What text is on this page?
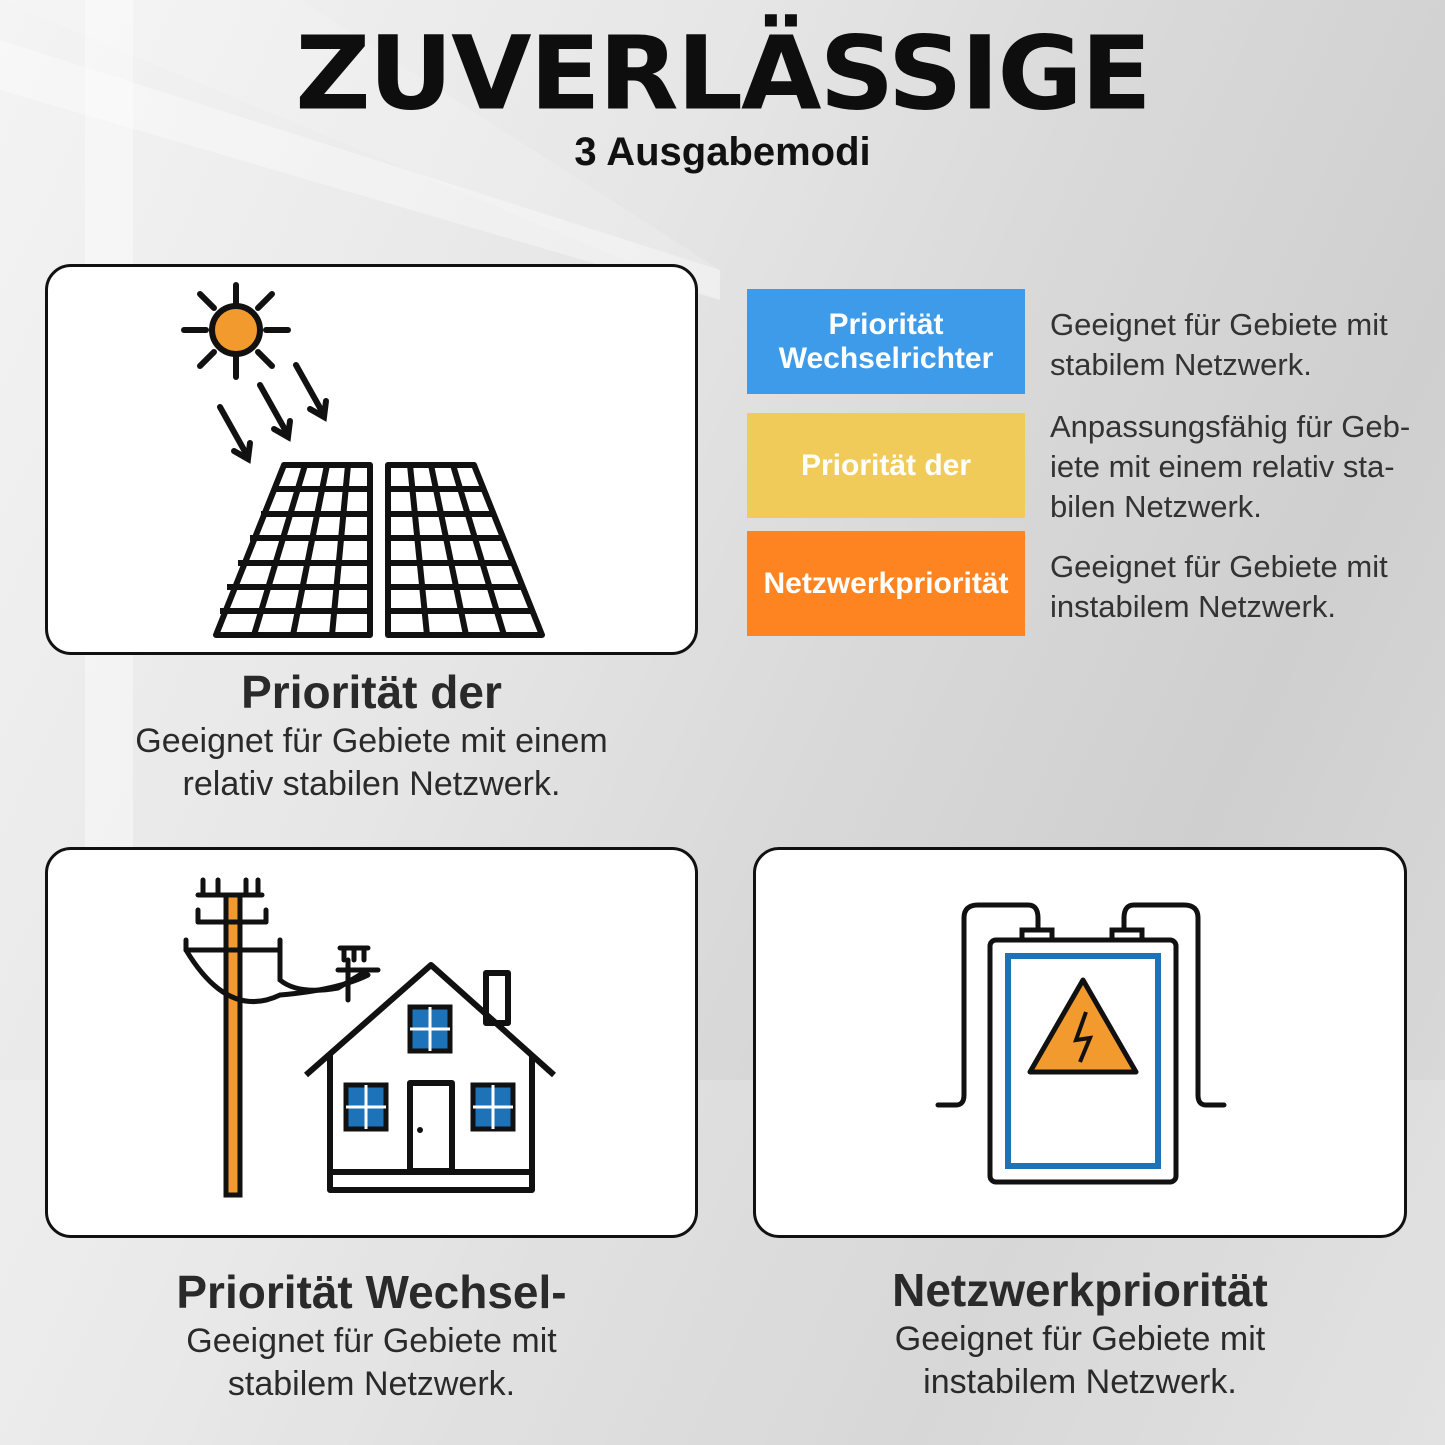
ZUVERLÄSSIGE
3 Ausgabemodi
Priorität der
Geeignet für Gebiete mit einem
relativ stabilen Netzwerk.
Priorität
Wechselrichter
Geeignet für Gebiete mit
stabilem Netzwerk.
Priorität der
Anpassungsfähig für Geb-
iete mit einem relativ sta-
bilen Netzwerk.
Netzwerkpriorität	Geeignet für Gebiete mit
instabilem Netzwerk.
Priorität Wechsel-
Geeignet für Gebiete mit
stabilem Netzwerk.
Netzwerkpriorität
Geeignet für Gebiete mit
instabilem Netzwerk.
